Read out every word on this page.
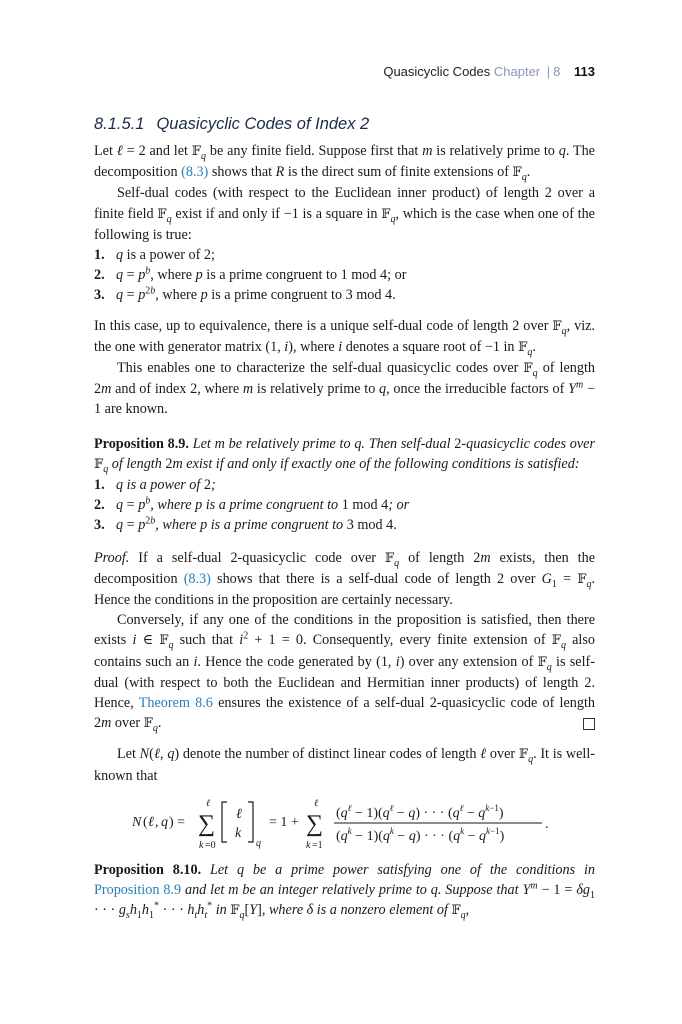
Quasicyclic Codes Chapter | 8 113
8.1.5.1 Quasicyclic Codes of Index 2

Let ℓ = 2 and let 𝔽$_q$ be any finite field. Suppose first that m is relatively prime to q. The decomposition (8.3) shows that R is the direct sum of finite extensions of 𝔽$_q$.

Self-dual codes (with respect to the Euclidean inner product) of length 2 over a finite field 𝔽$_q$ exist if and only if −1 is a square in 𝔽$_q$, which is the case when one of the following is true:

1. q is a power of 2;
2. $q = p^b$, where p is a prime congruent to 1 mod 4; or
3. $q = p^{2b}$, where p is a prime congruent to 3 mod 4.

In this case, up to equivalence, there is a unique self-dual code of length 2 over 𝔽$_q$, viz. the one with generator matrix (1, i), where i denotes a square root of −1 in 𝔽$_q$.

This enables one to characterize the self-dual quasicyclic codes over 𝔽$_q$ of length 2m and of index 2, where m is relatively prime to q, once the irreducible factors of $Y^m - 1$ are known.

Proposition 8.9. Let m be relatively prime to q. Then self-dual 2-quasicyclic codes over 𝔽$_q$ of length 2m exist if and only if exactly one of the following conditions is satisfied:

1. q is a power of 2;
2. $q = p^b$, where p is a prime congruent to 1 mod 4; or
3. $q = p^{2b}$, where p is a prime congruent to 3 mod 4.

Proof. If a self-dual 2-quasicyclic code over 𝔽$_q$ of length 2m exists, then the decomposition (8.3) shows that there is a self-dual code of length 2 over $G_1$ = 𝔽$_q$. Hence the conditions in the proposition are certainly necessary.

Conversely, if any one of the conditions in the proposition is satisfied, then there exists i ∈ 𝔽$_q$ such that $i^2 + 1 = 0$. Consequently, every finite extension of 𝔽$_q$ also contains such an i. Hence the code generated by (1, i) over any extension of 𝔽$_q$ is self-dual (with respect to both the Euclidean and Hermitian inner products) of length 2. Hence, Theorem 8.6 ensures the existence of a self-dual 2-quasicyclic code of length 2m over 𝔽$_q$.

Let N(ℓ, q) denote the number of distinct linear codes of length ℓ over 𝔽$_q$. It is well-known that

N ( ℓ , q ) =
ℓ
∑
k =0
ℓ
k
q
= 1 +
ℓ
∑
k =1
$(q^\ell - 1)(q^\ell - q)$ · · · $(q^\ell - q^k-1)$
$(q^k - 1)(q^k - q)$ · · · $(q^k - q^k-1)$
.

Proposition 8.10. Let q be a prime power satisfying one of the conditions in Proposition 8.9 and let m be an integer relatively prime to q. Suppose that $Y^m - 1 = \delta g_1$ · · · $g_sh_1h_1^*$ · · · $h_th_t^*$ in 𝔽$_q$[Y], where δ is a nonzero element of 𝔽$_q$,
